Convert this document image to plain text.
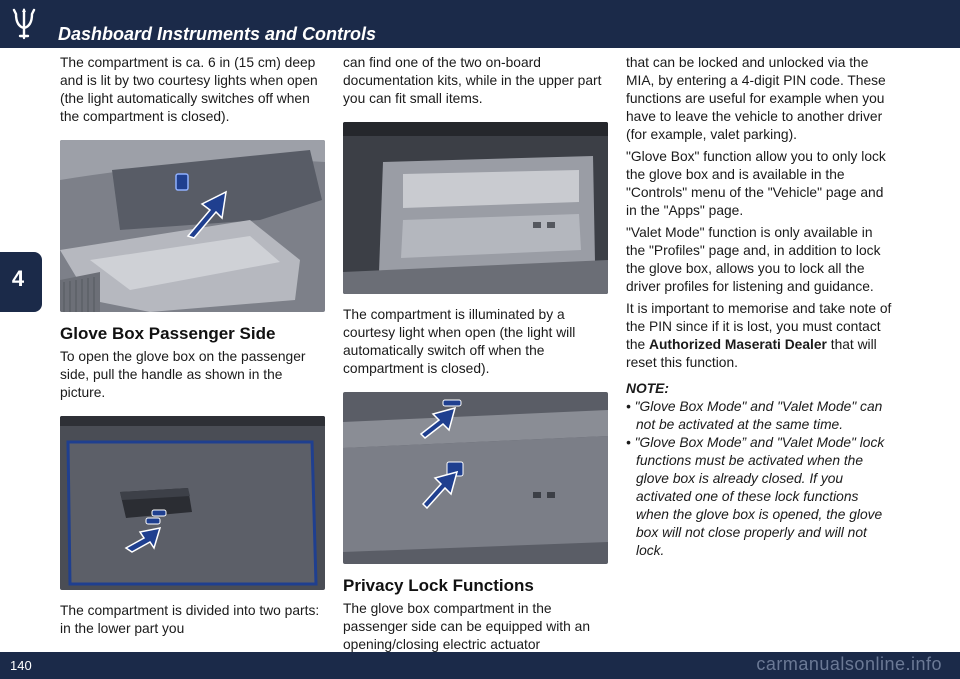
Dashboard Instruments and Controls
4

The compartment is ca. 6 in (15 cm) deep and is lit by two courtesy lights when open (the light automatically switches off when the compartment is closed).

Glove Box Passenger Side

To open the glove box on the passenger side, pull the handle as shown in the picture.

The compartment is divided into two parts: in the lower part you

can find one of the two on-board documentation kits, while in the upper part you can fit small items.

The compartment is illuminated by a courtesy light when open (the light will automatically switch off when the compartment is closed).

Privacy Lock Functions

The glove box compartment in the passenger side can be equipped with an opening/closing electric actuator

that can be locked and unlocked via the MIA, by entering a 4-digit PIN code. These functions are useful for example when you have to leave the vehicle to another driver (for example, valet parking).

"Glove Box" function allow you to only lock the glove box and is available in the "Controls" menu of the "Vehicle" page and in the "Apps" page.

"Valet Mode" function is only available in the "Profiles" page and, in addition to lock the glove box, allows you to lock all the driver profiles for listening and guidance.

It is important to memorise and take note of the PIN since if it is lost, you must contact the Authorized Maserati Dealer that will reset this function.

NOTE:

• "Glove Box Mode" and "Valet Mode" can not be activated at the same time.

• "Glove Box Mode” and "Valet Mode" lock functions must be activated when the glove box is already closed. If you activated one of these lock functions when the glove box is opened, the glove box will not close properly and will not lock.

140	carmanualsonline.info
